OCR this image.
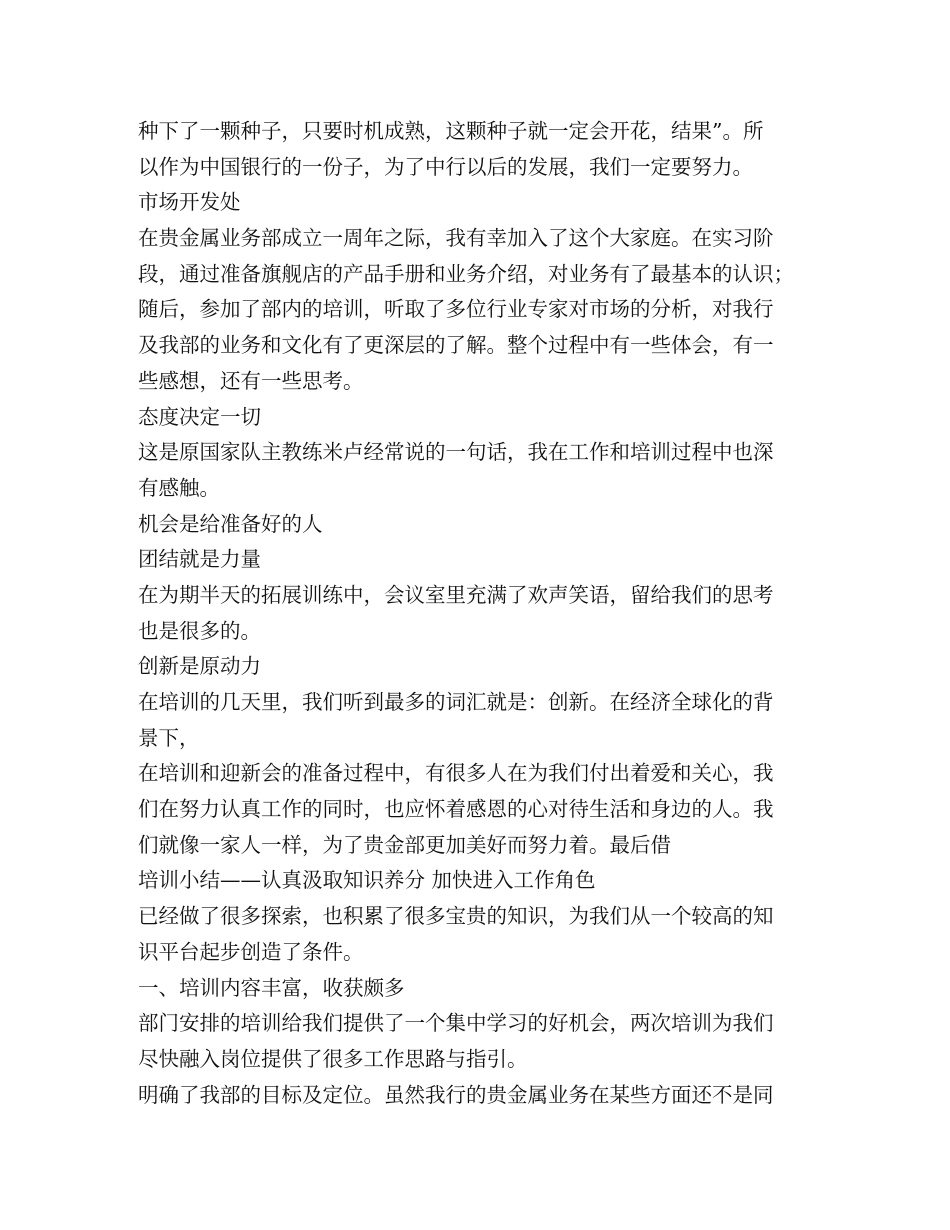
种下了一颗种子，只要时机成熟，这颗种子就一定会开花，结果”。所
以作为中国银行的一份子，为了中行以后的发展，我们一定要努力。
市场开发处
在贵金属业务部成立一周年之际，我有幸加入了这个大家庭。在实习阶
段，通过准备旗舰店的产品手册和业务介绍，对业务有了最基本的认识；
随后，参加了部内的培训，听取了多位行业专家对市场的分析，对我行
及我部的业务和文化有了更深层的了解。整个过程中有一些体会，有一
些感想，还有一些思考。
态度决定一切
这是原国家队主教练米卢经常说的一句话，我在工作和培训过程中也深
有感触。
机会是给准备好的人
团结就是力量
在为期半天的拓展训练中，会议室里充满了欢声笑语，留给我们的思考
也是很多的。
创新是原动力
在培训的几天里，我们听到最多的词汇就是：创新。在经济全球化的背
景下，
在培训和迎新会的准备过程中，有很多人在为我们付出着爱和关心，我
们在努力认真工作的同时，也应怀着感恩的心对待生活和身边的人。我
们就像一家人一样，为了贵金部更加美好而努力着。最后借
培训小结——认真汲取知识养分 加快进入工作角色
已经做了很多探索，也积累了很多宝贵的知识，为我们从一个较高的知
识平台起步创造了条件。
一、培训内容丰富，收获颇多
部门安排的培训给我们提供了一个集中学习的好机会，两次培训为我们
尽快融入岗位提供了很多工作思路与指引。
明确了我部的目标及定位。虽然我行的贵金属业务在某些方面还不是同
